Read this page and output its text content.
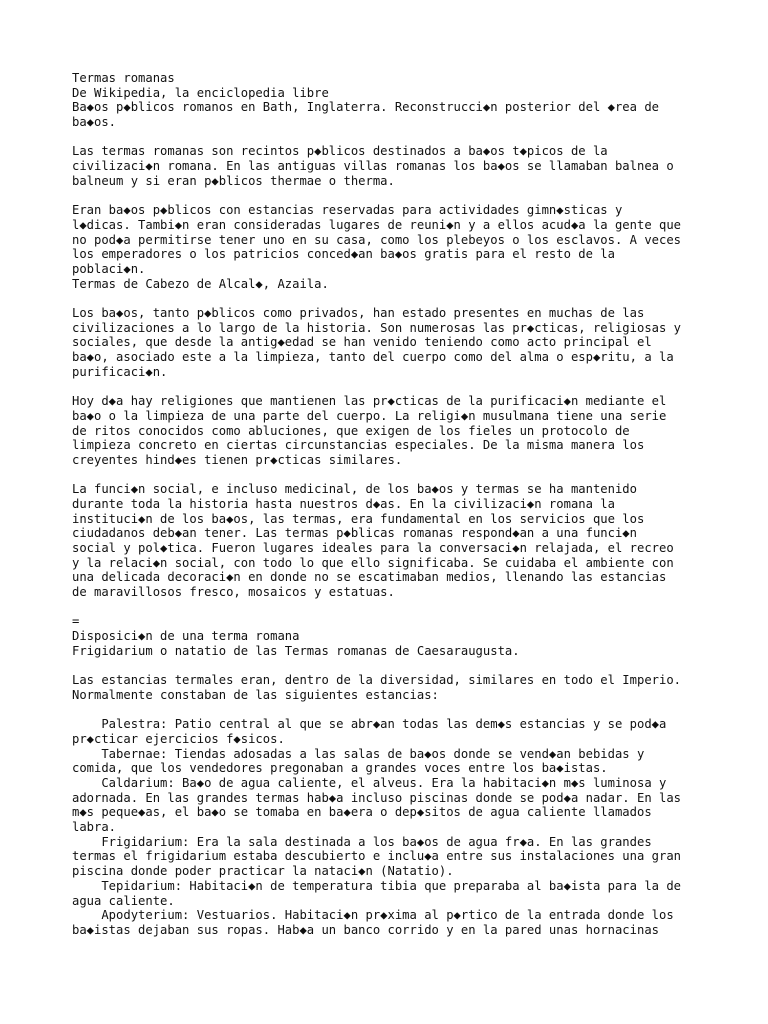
Termas romanas
De Wikipedia, la enciclopedia libre
Ba◆os p◆blicos romanos en Bath, Inglaterra. Reconstrucci◆n posterior del ◆rea de
ba◆os.
Las termas romanas son recintos p◆blicos destinados a ba◆os t◆picos de la
civilizaci◆n romana. En las antiguas villas romanas los ba◆os se llamaban balnea o
balneum y si eran p◆blicos thermae o therma.
Eran ba◆os p◆blicos con estancias reservadas para actividades gimn◆sticas y
l◆dicas. Tambi◆n eran consideradas lugares de reuni◆n y a ellos acud◆a la gente que
no pod◆a permitirse tener uno en su casa, como los plebeyos o los esclavos. A veces
los emperadores o los patricios conced◆an ba◆os gratis para el resto de la
poblaci◆n.
Termas de Cabezo de Alcal◆, Azaila.
Los ba◆os, tanto p◆blicos como privados, han estado presentes en muchas de las
civilizaciones a lo largo de la historia. Son numerosas las pr◆cticas, religiosas y
sociales, que desde la antig◆edad se han venido teniendo como acto principal el
ba◆o, asociado este a la limpieza, tanto del cuerpo como del alma o esp◆ritu, a la
purificaci◆n.
Hoy d◆a hay religiones que mantienen las pr◆cticas de la purificaci◆n mediante el
ba◆o o la limpieza de una parte del cuerpo. La religi◆n musulmana tiene una serie
de ritos conocidos como abluciones, que exigen de los fieles un protocolo de
limpieza concreto en ciertas circunstancias especiales. De la misma manera los
creyentes hind◆es tienen pr◆cticas similares.
La funci◆n social, e incluso medicinal, de los ba◆os y termas se ha mantenido
durante toda la historia hasta nuestros d◆as. En la civilizaci◆n romana la
instituci◆n de los ba◆os, las termas, era fundamental en los servicios que los
ciudadanos deb◆an tener. Las termas p◆blicas romanas respond◆an a una funci◆n
social y pol◆tica. Fueron lugares ideales para la conversaci◆n relajada, el recreo
y la relaci◆n social, con todo lo que ello significaba. Se cuidaba el ambiente con
una delicada decoraci◆n en donde no se escatimaban medios, llenando las estancias
de maravillosos fresco, mosaicos y estatuas.
=
Disposici◆n de una terma romana
Frigidarium o natatio de las Termas romanas de Caesaraugusta.
Las estancias termales eran, dentro de la diversidad, similares en todo el Imperio.
Normalmente constaban de las siguientes estancias:
Palestra: Patio central al que se abr◆an todas las dem◆s estancias y se pod◆a
pr◆cticar ejercicios f◆sicos.
Tabernae: Tiendas adosadas a las salas de ba◆os donde se vend◆an bebidas y
comida, que los vendedores pregonaban a grandes voces entre los ba◆istas.
Caldarium: Ba◆o de agua caliente, el alveus. Era la habitaci◆n m◆s luminosa y
adornada. En las grandes termas hab◆a incluso piscinas donde se pod◆a nadar. En las
m◆s peque◆as, el ba◆o se tomaba en ba◆era o dep◆sitos de agua caliente llamados
labra.
Frigidarium: Era la sala destinada a los ba◆os de agua fr◆a. En las grandes
termas el frigidarium estaba descubierto e inclu◆a entre sus instalaciones una gran
piscina donde poder practicar la nataci◆n (Natatio).
Tepidarium: Habitaci◆n de temperatura tibia que preparaba al ba◆ista para la de
agua caliente.
Apodyterium: Vestuarios. Habitaci◆n pr◆xima al p◆rtico de la entrada donde los
ba◆istas dejaban sus ropas. Hab◆a un banco corrido y en la pared unas hornacinas
